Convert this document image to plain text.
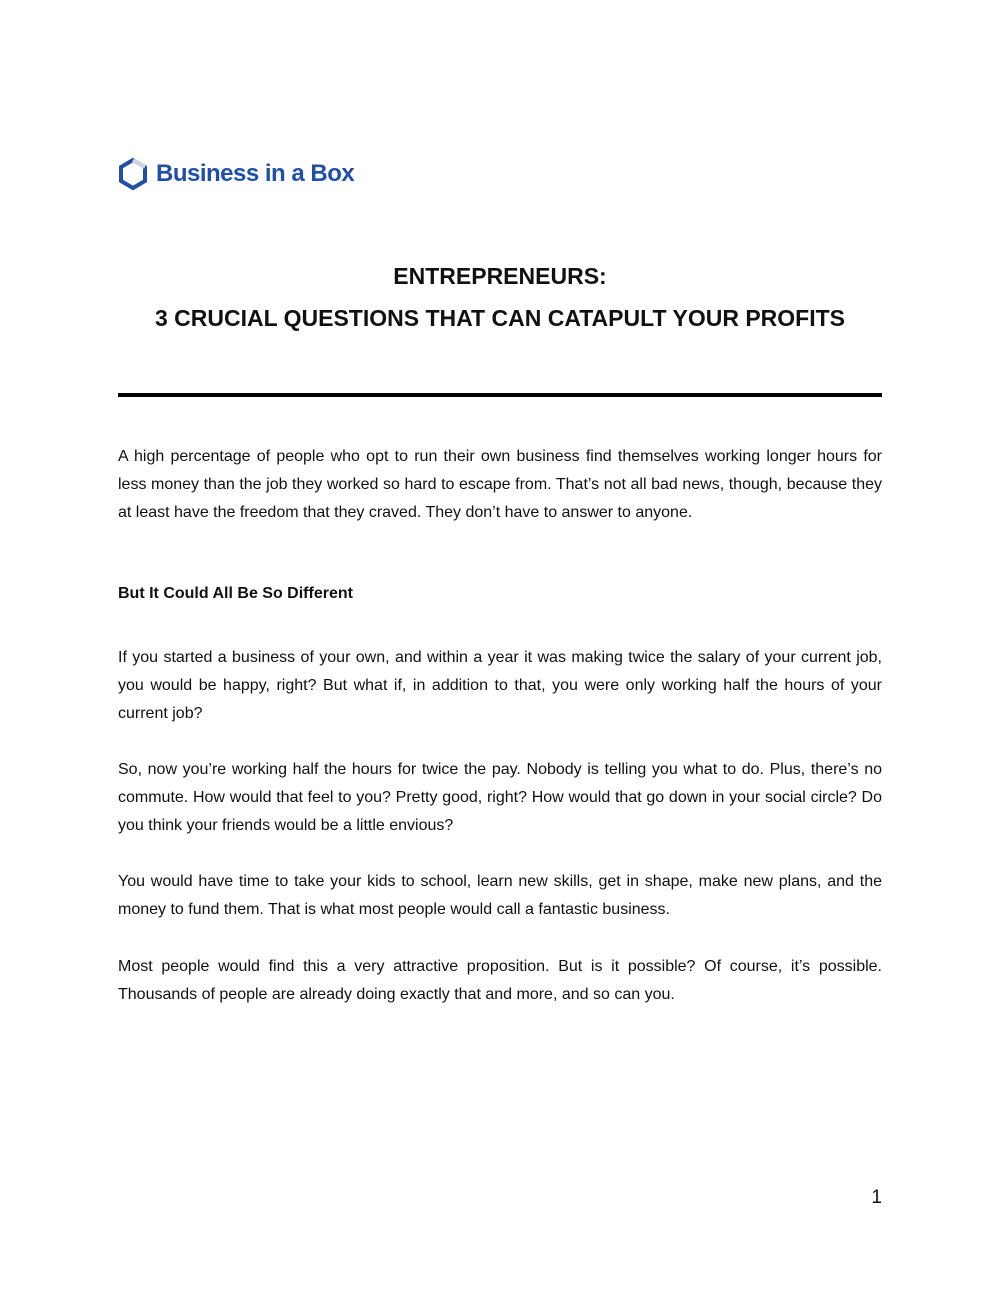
Business in a Box
ENTREPRENEURS:
3 CRUCIAL QUESTIONS THAT CAN CATAPULT YOUR PROFITS

A high percentage of people who opt to run their own business find themselves working longer hours for less money than the job they worked so hard to escape from. That’s not all bad news, though, because they at least have the freedom that they craved. They don’t have to answer to anyone.

But It Could All Be So Different

If you started a business of your own, and within a year it was making twice the salary of your current job, you would be happy, right? But what if, in addition to that, you were only working half the hours of your current job?

So, now you’re working half the hours for twice the pay. Nobody is telling you what to do. Plus, there’s no commute. How would that feel to you? Pretty good, right? How would that go down in your social circle? Do you think your friends would be a little envious?

You would have time to take your kids to school, learn new skills, get in shape, make new plans, and the money to fund them. That is what most people would call a fantastic business.

Most people would find this a very attractive proposition. But is it possible? Of course, it’s possible. Thousands of people are already doing exactly that and more, and so can you.

1
